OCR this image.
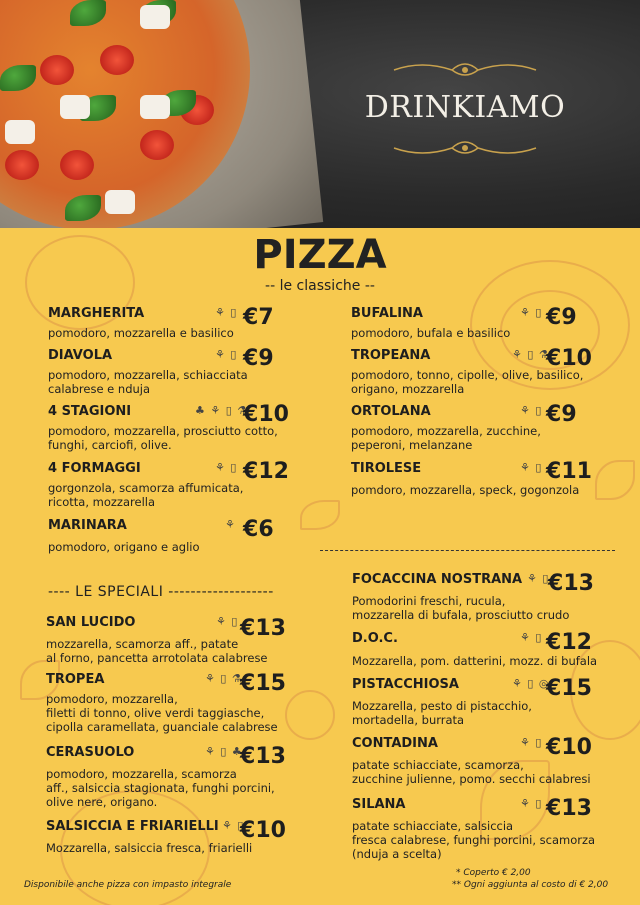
DRINKIAMO
PIZZA
-- le classiche --
MARGHERITA
pomodoro, mozzarella e basilico
⚘ ▯ €7
DIAVOLA
pomodoro, mozzarella, schiacciata
calabrese e nduja
⚘ ▯ €9
4 STAGIONI
pomodoro, mozzarella, prosciutto cotto,
funghi, carciofi, olive.
♣ ⚘ ▯ ⚗
€10
4 FORMAGGI
gorgonzola, scamorza affumicata,
ricotta, mozzarella
⚘ ▯ €12
MARINARA
pomodoro, origano e aglio
⚘ €6
BUFALINA
pomodoro, bufala e basilico
⚘ ▯ €9
TROPEANA
pomodoro, tonno, cipolle, olive, basilico,
origano, mozzarella
⚘ ▯ ⚗
€10
ORTOLANA
pomodoro, mozzarella, zucchine,
peperoni, melanzane
⚘ ▯ €9
TIROLESE
pomdoro, mozzarella, speck, gogonzola
⚘ ▯ €11
---- LE SPECIALI -------------------
SAN LUCIDO
mozzarella, scamorza aff., patate
al forno, pancetta arrotolata calabrese
⚘ ▯ €13
TROPEA
pomodoro, mozzarella,
filetti di tonno, olive verdi taggiasche,
cipolla caramellata, guanciale calabrese
⚘ ▯ ⚗
€15
CERASUOLO
pomodoro, mozzarella, scamorza
aff., salsiccia stagionata, funghi porcini,
olive nere, origano.
⚘ ▯ ♣
€13
SALSICCIA E FRIARIELLI
Mozzarella, salsiccia fresca, friarielli
⚘ ▯
€10
FOCACCINA NOSTRANA
Pomodorini freschi, rucula,
mozzarella di bufala, prosciutto crudo
⚘ ▯
€13
D.O.C.
Mozzarella, pom. datterini, mozz. di bufala
⚘ ▯ €12
PISTACCHIOSA
Mozzarella, pesto di pistacchio,
mortadella, burrata
⚘ ▯ ◎
€15
CONTADINA
patate schiacciate, scamorza,
zucchine julienne, pomo. secchi calabresi
⚘ ▯ €10
SILANA
patate schiacciate, salsiccia
fresca calabrese, funghi porcini, scamorza
(nduja a scelta)
⚘ ▯ €13
Disponibile anche pizza con impasto integrale
* Coperto € 2,00
** Ogni aggiunta al costo di € 2,00
